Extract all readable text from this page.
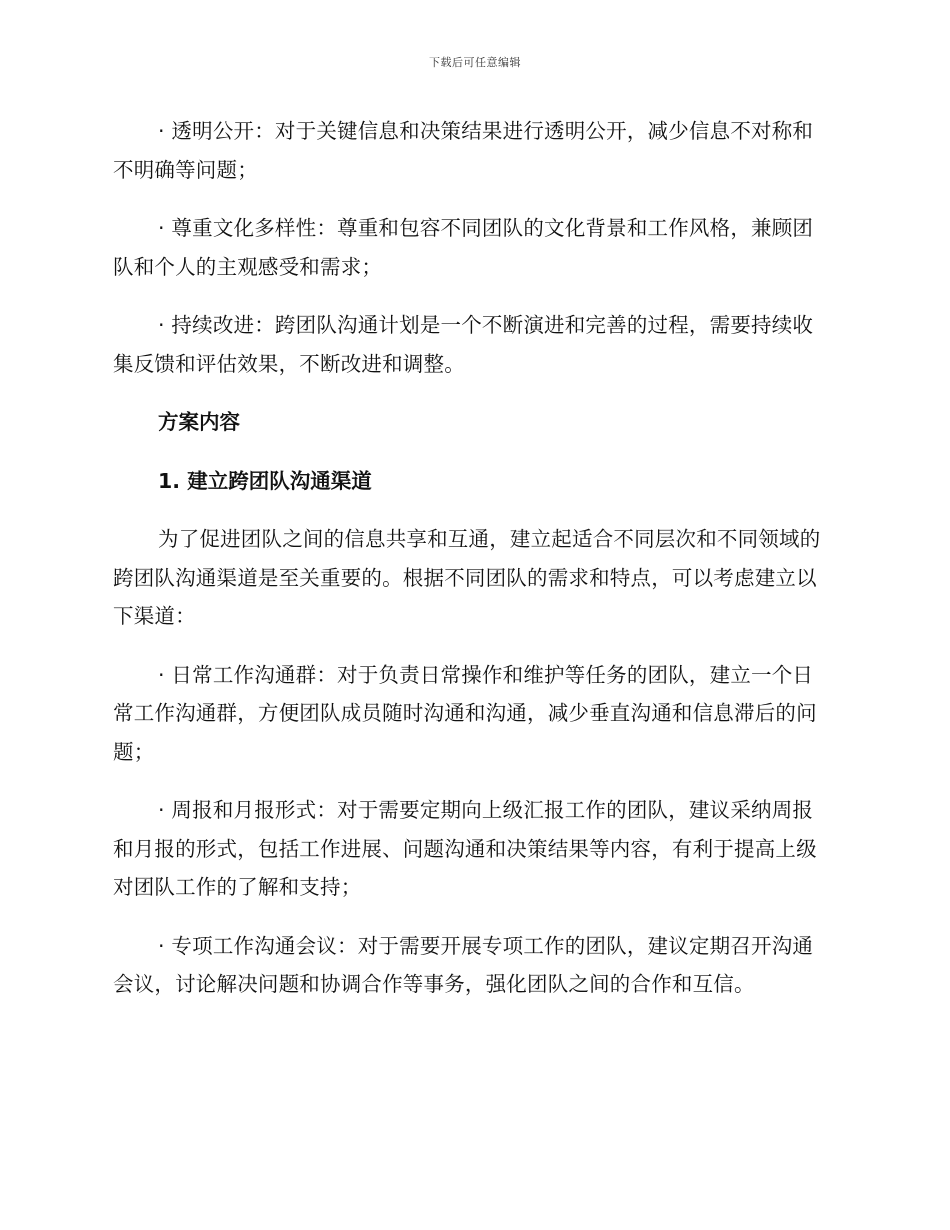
下载后可任意编辑

· 透明公开：对于关键信息和决策结果进行透明公开，减少信息不对称和不明确等问题；

· 尊重文化多样性：尊重和包容不同团队的文化背景和工作风格，兼顾团队和个人的主观感受和需求；

· 持续改进：跨团队沟通计划是一个不断演进和完善的过程，需要持续收集反馈和评估效果，不断改进和调整。

方案内容

1. 建立跨团队沟通渠道

为了促进团队之间的信息共享和互通，建立起适合不同层次和不同领域的跨团队沟通渠道是至关重要的。根据不同团队的需求和特点，可以考虑建立以下渠道：

· 日常工作沟通群：对于负责日常操作和维护等任务的团队，建立一个日常工作沟通群，方便团队成员随时沟通和沟通，减少垂直沟通和信息滞后的问题；

· 周报和月报形式：对于需要定期向上级汇报工作的团队，建议采纳周报和月报的形式，包括工作进展、问题沟通和决策结果等内容，有利于提高上级对团队工作的了解和支持；

· 专项工作沟通会议：对于需要开展专项工作的团队，建议定期召开沟通会议，讨论解决问题和协调合作等事务，强化团队之间的合作和互信。
